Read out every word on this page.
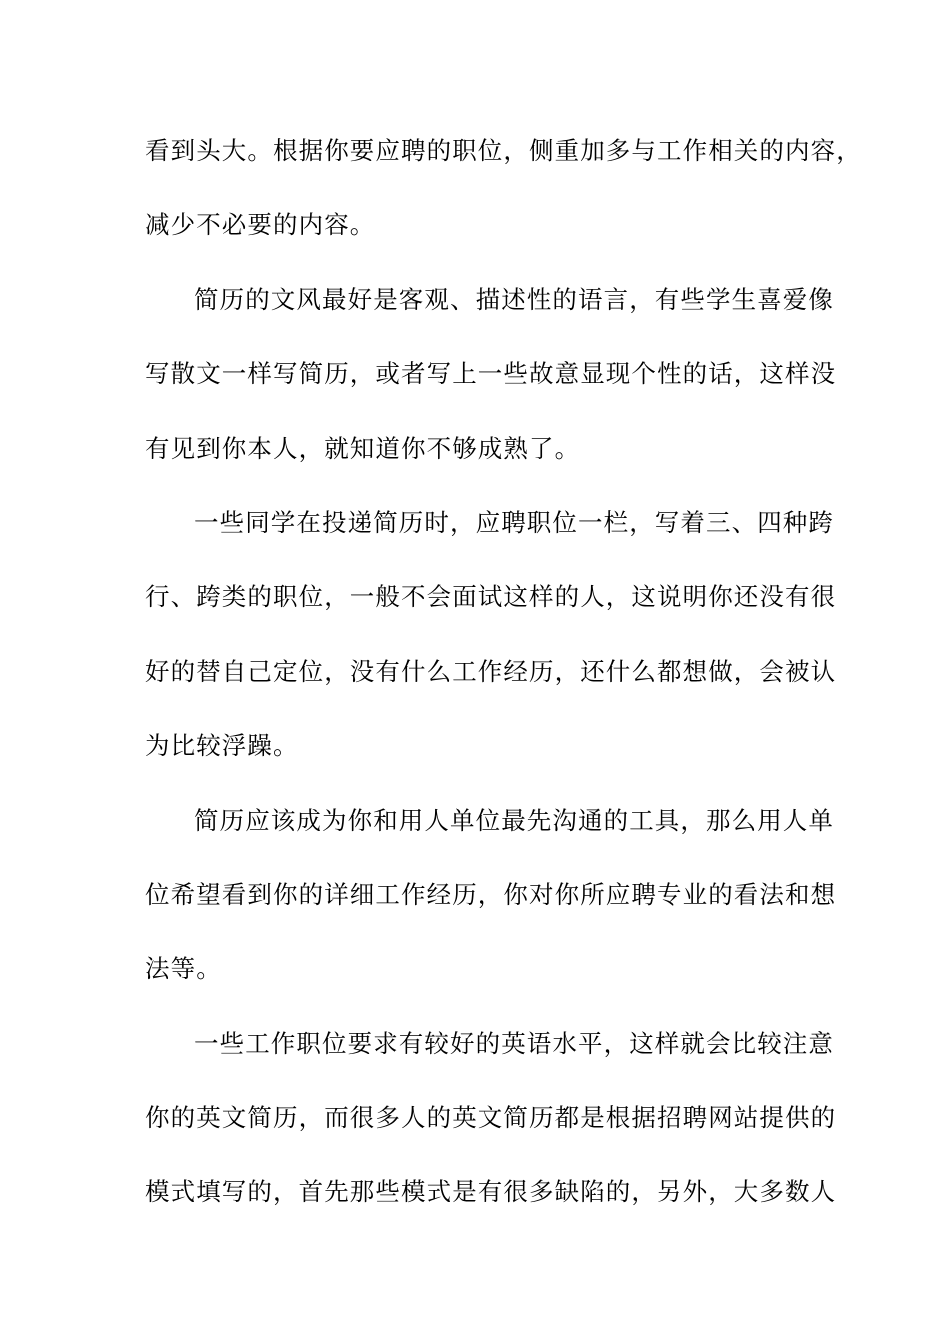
看到头大。根据你要应聘的职位，侧重加多与工作相关的内容，
减少不必要的内容。
简历的文风最好是客观、描述性的语言，有些学生喜爱像
写散文一样写简历，或者写上一些故意显现个性的话，这样没
有见到你本人，就知道你不够成熟了。
一些同学在投递简历时，应聘职位一栏，写着三、四种跨
行、跨类的职位，一般不会面试这样的人，这说明你还没有很
好的替自己定位，没有什么工作经历，还什么都想做，会被认
为比较浮躁。
简历应该成为你和用人单位最先沟通的工具，那么用人单
位希望看到你的详细工作经历，你对你所应聘专业的看法和想
法等。
一些工作职位要求有较好的英语水平，这样就会比较注意
你的英文简历，而很多人的英文简历都是根据招聘网站提供的
模式填写的，首先那些模式是有很多缺陷的，另外，大多数人
